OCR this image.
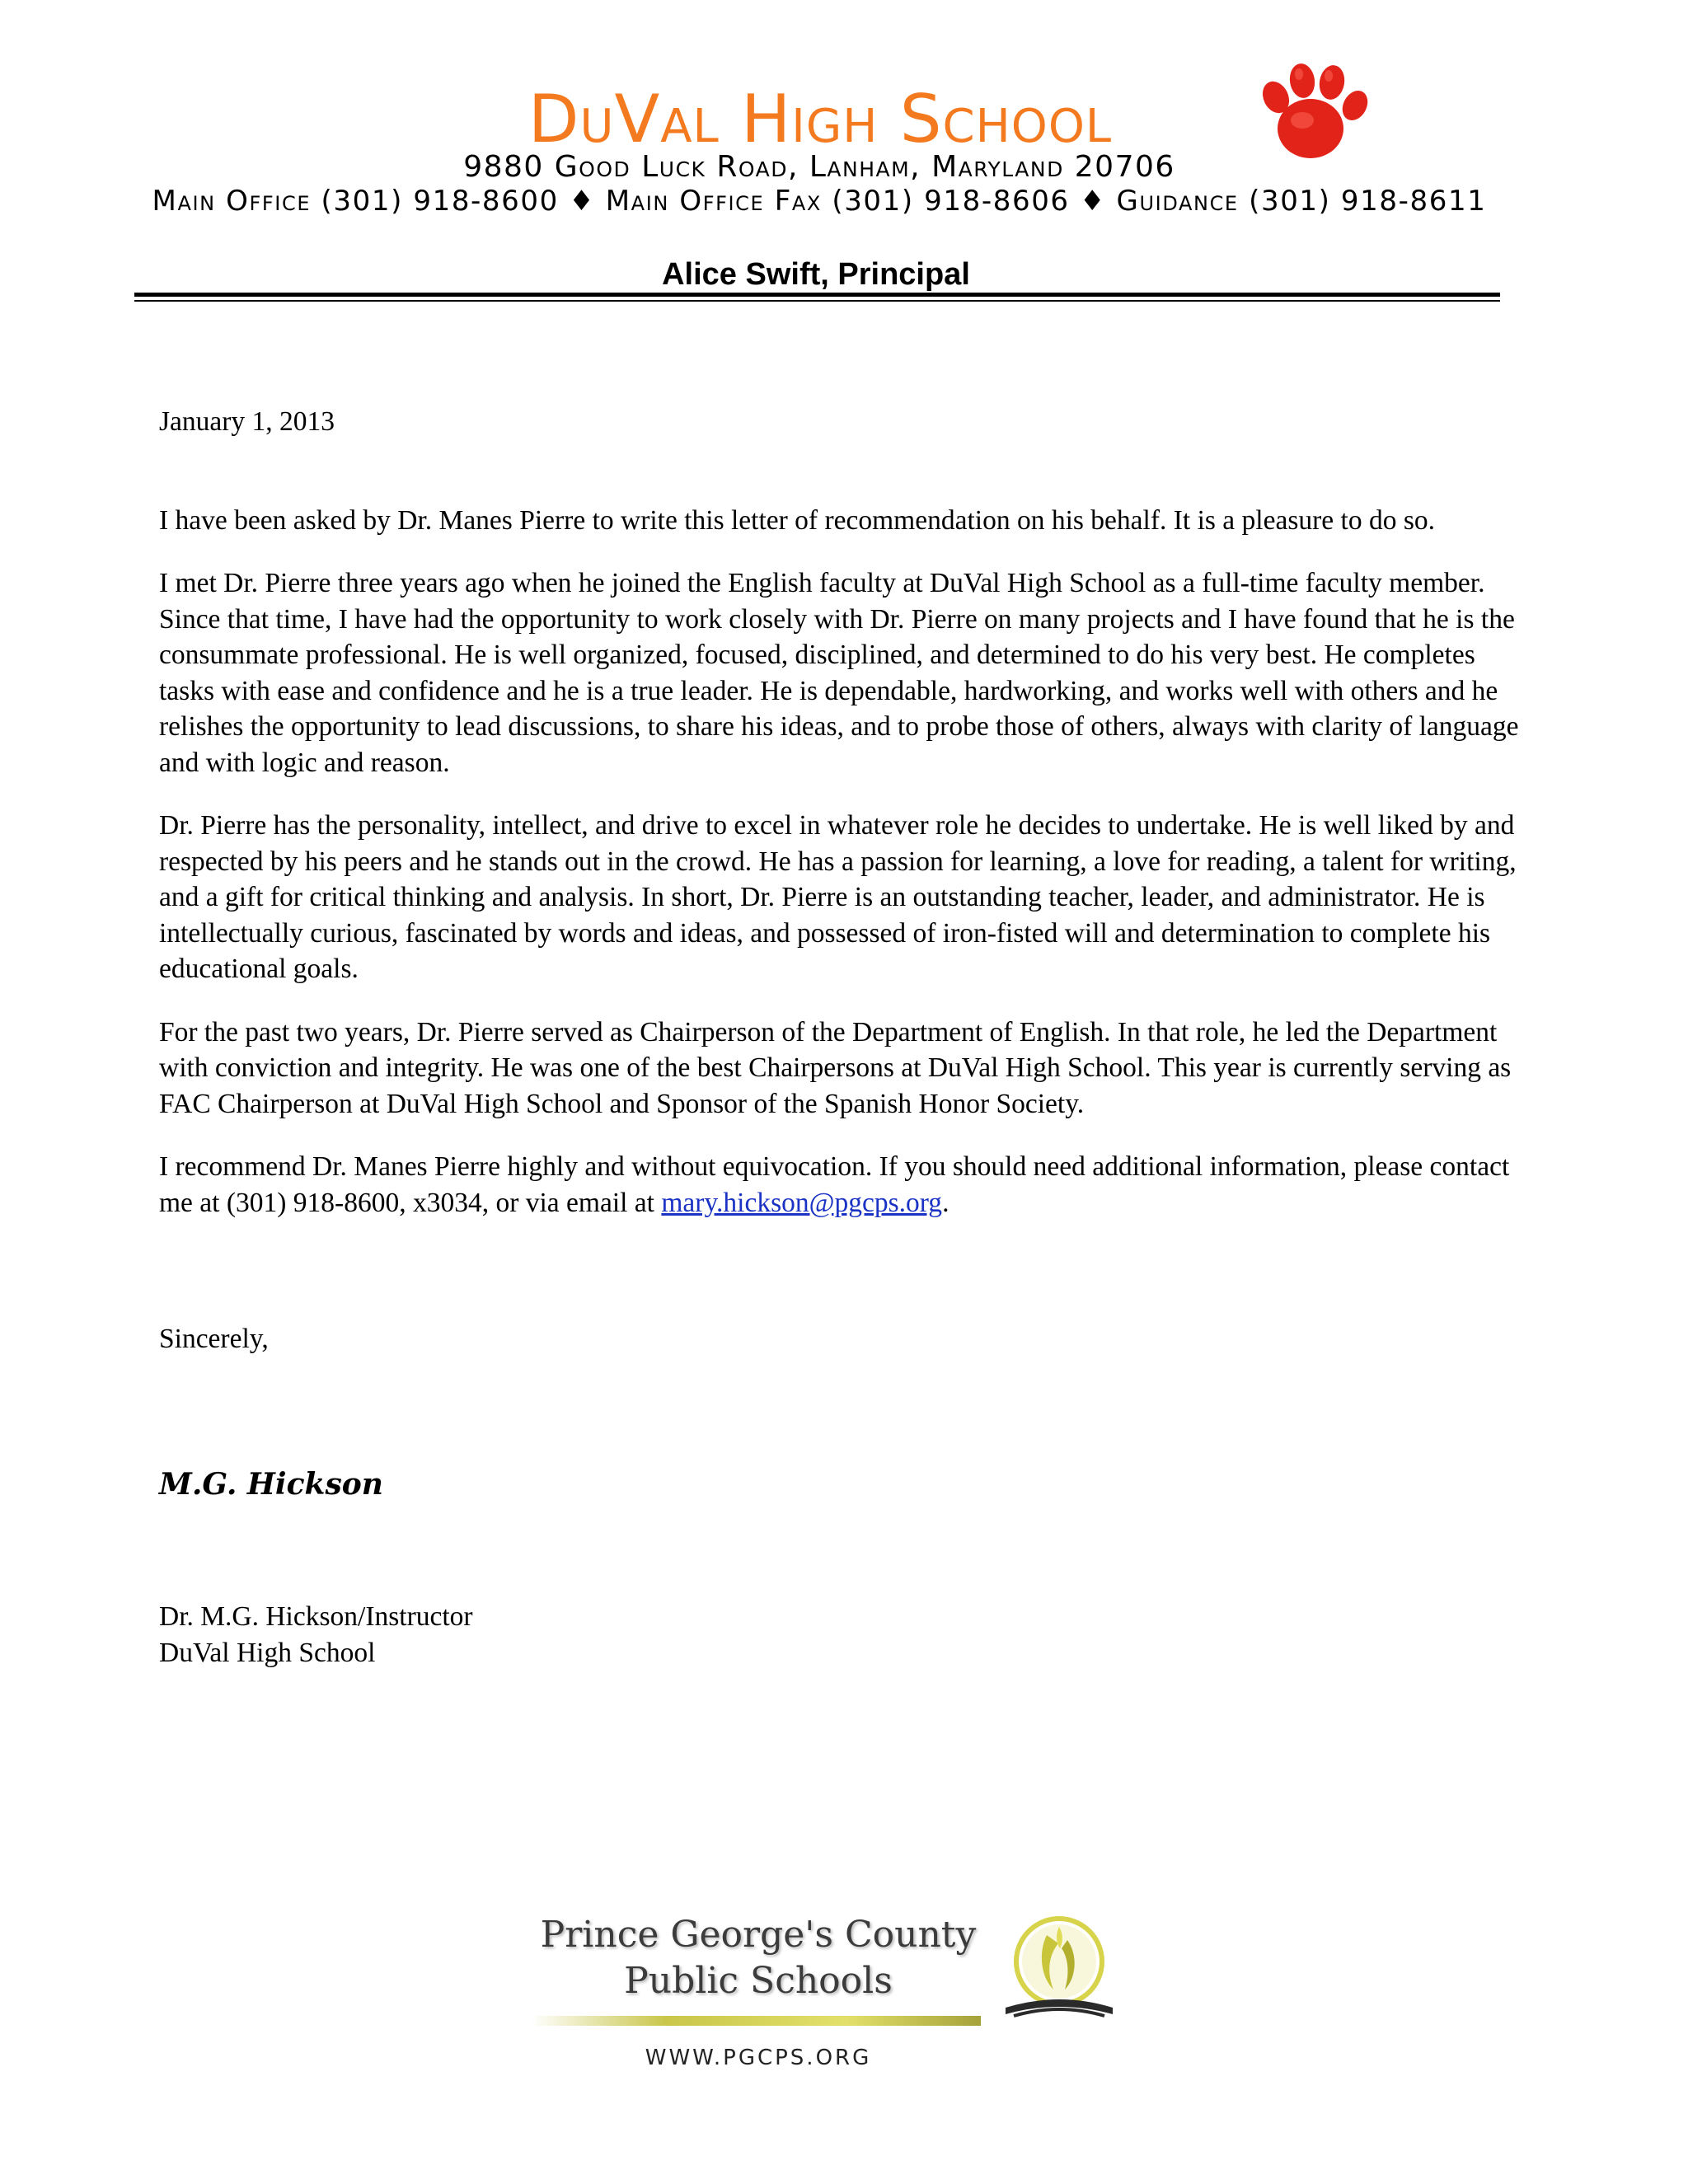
DuVal High School
9880 Good Luck Road, Lanham, Maryland 20706
Main Office (301) 918-8600 ♦ Main Office Fax (301) 918-8606 ♦ Guidance (301) 918-8611
Alice Swift, Principal

January 1, 2013

I have been asked by Dr. Manes Pierre to write this letter of recommendation on his behalf. It is a pleasure to do so.

I met Dr. Pierre three years ago when he joined the English faculty at DuVal High School as a full-time faculty member. Since that time, I have had the opportunity to work closely with Dr. Pierre on many projects and I have found that he is the consummate professional. He is well organized, focused, disciplined, and determined to do his very best. He completes tasks with ease and confidence and he is a true leader. He is dependable, hardworking, and works well with others and he relishes the opportunity to lead discussions, to share his ideas, and to probe those of others, always with clarity of language and with logic and reason.

Dr. Pierre has the personality, intellect, and drive to excel in whatever role he decides to undertake. He is well liked by and respected by his peers and he stands out in the crowd. He has a passion for learning, a love for reading, a talent for writing, and a gift for critical thinking and analysis. In short, Dr. Pierre is an outstanding teacher, leader, and administrator. He is intellectually curious, fascinated by words and ideas, and possessed of iron-fisted will and determination to complete his educational goals.

For the past two years, Dr. Pierre served as Chairperson of the Department of English. In that role, he led the Department with conviction and integrity. He was one of the best Chairpersons at DuVal High School. This year is currently serving as FAC Chairperson at DuVal High School and Sponsor of the Spanish Honor Society.

I recommend Dr. Manes Pierre highly and without equivocation. If you should need additional information, please contact me at (301) 918-8600, x3034, or via email at mary.hickson@pgcps.org.

Sincerely,
M.G. Hickson
Dr. M.G. Hickson/Instructor
DuVal High School
Prince George's County
Public Schools
WWW.PGCPS.ORG
